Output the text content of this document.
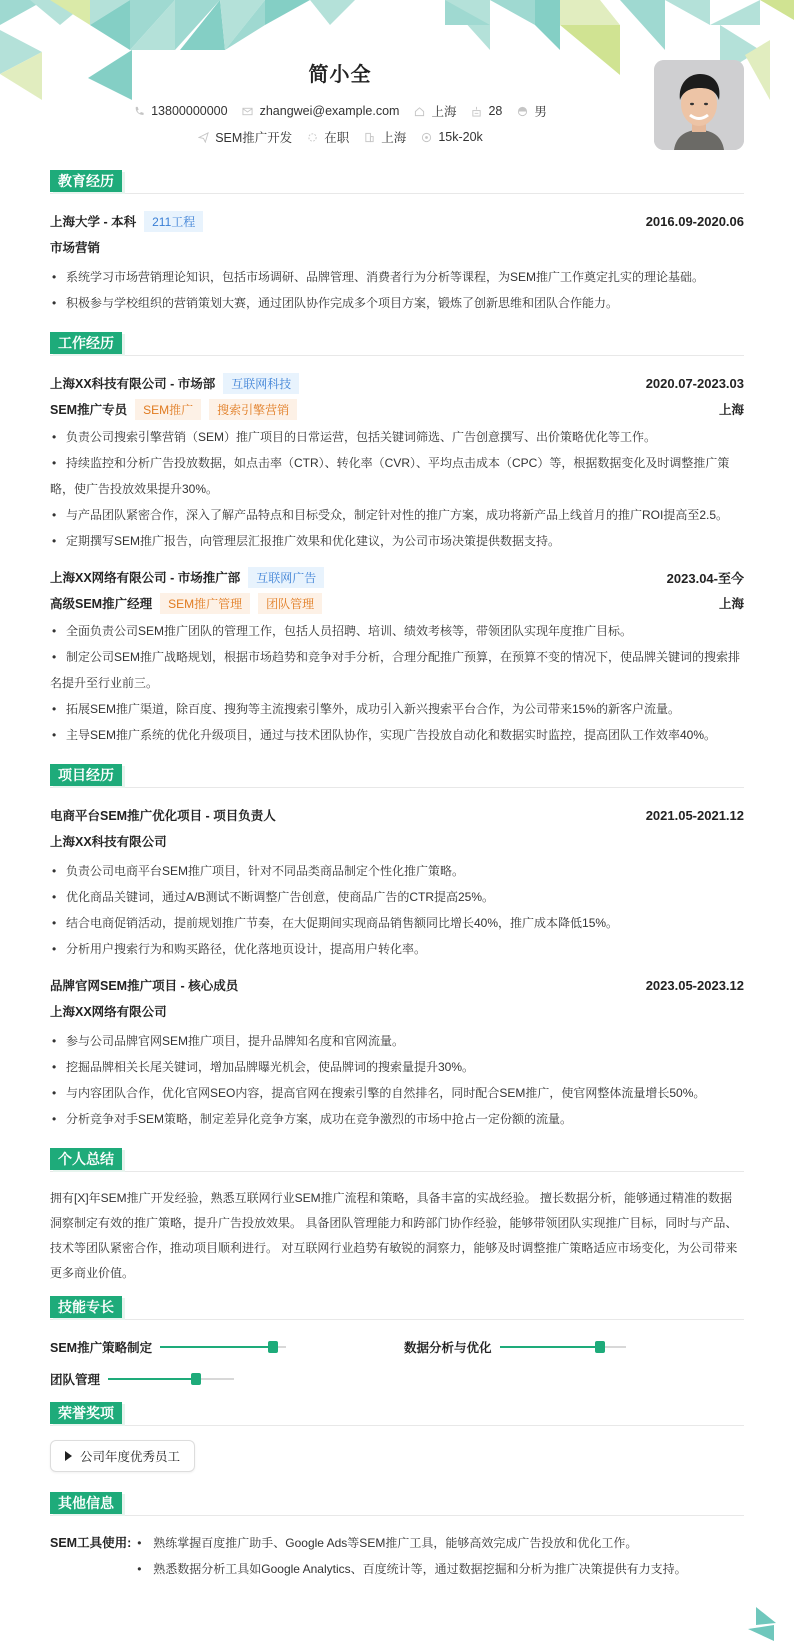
简小全
13800000000	zhangwei@example.com	上海	28	男
SEM推广开发	在职	上海	15k-20k
教育经历
上海大学 - 本科	211工程	2016.09-2020.06
市场营销
• 系统学习市场营销理论知识，包括市场调研、品牌管理、消费者行为分析等课程，为SEM推广工作奠定扎实的理论基础。
• 积极参与学校组织的营销策划大赛，通过团队协作完成多个项目方案，锻炼了创新思维和团队合作能力。
工作经历
上海XX科技有限公司 - 市场部	互联网科技	2020.07-2023.03
SEM推广专员	SEM推广	搜索引擎营销	上海
• 负责公司搜索引擎营销（SEM）推广项目的日常运营，包括关键词筛选、广告创意撰写、出价策略优化等工作。
• 持续监控和分析广告投放数据，如点击率（CTR）、转化率（CVR）、平均点击成本（CPC）等，根据数据变化及时调整推广策略，使广告投放效果提升30%。
• 与产品团队紧密合作，深入了解产品特点和目标受众，制定针对性的推广方案，成功将新产品上线首月的推广ROI提高至2.5。
• 定期撰写SEM推广报告，向管理层汇报推广效果和优化建议，为公司市场决策提供数据支持。
上海XX网络有限公司 - 市场推广部	互联网广告	2023.04-至今
高级SEM推广经理	SEM推广管理	团队管理	上海
• 全面负责公司SEM推广团队的管理工作，包括人员招聘、培训、绩效考核等，带领团队实现年度推广目标。
• 制定公司SEM推广战略规划，根据市场趋势和竞争对手分析，合理分配推广预算，在预算不变的情况下，使品牌关键词的搜索排名提升至行业前三。
• 拓展SEM推广渠道，除百度、搜狗等主流搜索引擎外，成功引入新兴搜索平台合作，为公司带来15%的新客户流量。
• 主导SEM推广系统的优化升级项目，通过与技术团队协作，实现广告投放自动化和数据实时监控，提高团队工作效率40%。
项目经历
电商平台SEM推广优化项目 - 项目负责人	2021.05-2021.12
上海XX科技有限公司
• 负责公司电商平台SEM推广项目，针对不同品类商品制定个性化推广策略。
• 优化商品关键词，通过A/B测试不断调整广告创意，使商品广告的CTR提高25%。
• 结合电商促销活动，提前规划推广节奏，在大促期间实现商品销售额同比增长40%，推广成本降低15%。
• 分析用户搜索行为和购买路径，优化落地页设计，提高用户转化率。
品牌官网SEM推广项目 - 核心成员	2023.05-2023.12
上海XX网络有限公司
• 参与公司品牌官网SEM推广项目，提升品牌知名度和官网流量。
• 挖掘品牌相关长尾关键词，增加品牌曝光机会，使品牌词的搜索量提升30%。
• 与内容团队合作，优化官网SEO内容，提高官网在搜索引擎的自然排名，同时配合SEM推广，使官网整体流量增长50%。
• 分析竞争对手SEM策略，制定差异化竞争方案，成功在竞争激烈的市场中抢占一定份额的流量。
个人总结

拥有[X]年SEM推广开发经验，熟悉互联网行业SEM推广流程和策略，具备丰富的实战经验。 擅长数据分析，能够通过精准的数据洞察制定有效的推广策略，提升广告投放效果。 具备团队管理能力和跨部门协作经验，能够带领团队实现推广目标，同时与产品、技术等团队紧密合作，推动项目顺利进行。 对互联网行业趋势有敏锐的洞察力，能够及时调整推广策略适应市场变化，为公司带来更多商业价值。

技能专长
SEM推广策略制定	数据分析与优化
团队管理
荣誉奖项
公司年度优秀员工
其他信息
SEM工具使用:	• 熟练掌握百度推广助手、Google Ads等SEM推广工具，能够高效完成广告投放和优化工作。
• 熟悉数据分析工具如Google Analytics、百度统计等，通过数据挖掘和分析为推广决策提供有力支持。
